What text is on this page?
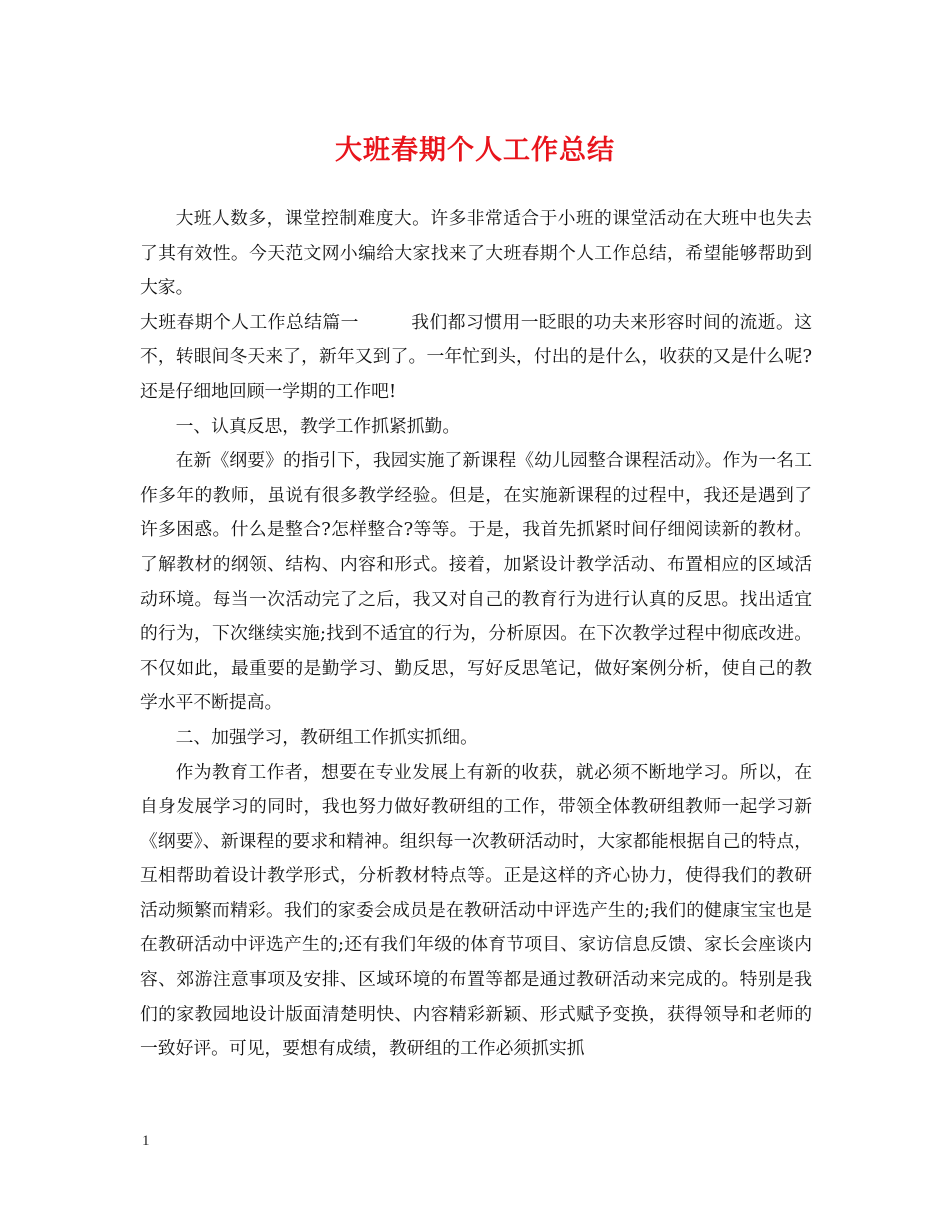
大班春期个人工作总结

大班人数多，课堂控制难度大。许多非常适合于小班的课堂活动在大班中也失去了其有效性。今天范文网小编给大家找来了大班春期个人工作总结，希望能够帮助到大家。

大班春期个人工作总结篇一	我们都习惯用一眨眼的功夫来形容时间的流逝。这不，转眼间冬天来了，新年又到了。一年忙到头，付出的是什么，收获的又是什么呢?还是仔细地回顾一学期的工作吧!

一、认真反思，教学工作抓紧抓勤。

在新《纲要》的指引下，我园实施了新课程《幼儿园整合课程活动》。作为一名工作多年的教师，虽说有很多教学经验。但是，在实施新课程的过程中，我还是遇到了许多困惑。什么是整合?怎样整合?等等。于是，我首先抓紧时间仔细阅读新的教材。了解教材的纲领、结构、内容和形式。接着，加紧设计教学活动、布置相应的区域活动环境。每当一次活动完了之后，我又对自己的教育行为进行认真的反思。找出适宜的行为，下次继续实施;找到不适宜的行为，分析原因。在下次教学过程中彻底改进。不仅如此，最重要的是勤学习、勤反思，写好反思笔记，做好案例分析，使自己的教学水平不断提高。

二、加强学习，教研组工作抓实抓细。

作为教育工作者，想要在专业发展上有新的收获，就必须不断地学习。所以，在自身发展学习的同时，我也努力做好教研组的工作，带领全体教研组教师一起学习新《纲要》、新课程的要求和精神。组织每一次教研活动时，大家都能根据自己的特点，互相帮助着设计教学形式，分析教材特点等。正是这样的齐心协力，使得我们的教研活动频繁而精彩。我们的家委会成员是在教研活动中评选产生的;我们的健康宝宝也是在教研活动中评选产生的;还有我们年级的体育节项目、家访信息反馈、家长会座谈内容、郊游注意事项及安排、区域环境的布置等都是通过教研活动来完成的。特别是我们的家教园地设计版面清楚明快、内容精彩新颖、形式赋予变换，获得领导和老师的一致好评。可见，要想有成绩，教研组的工作必须抓实抓

1
